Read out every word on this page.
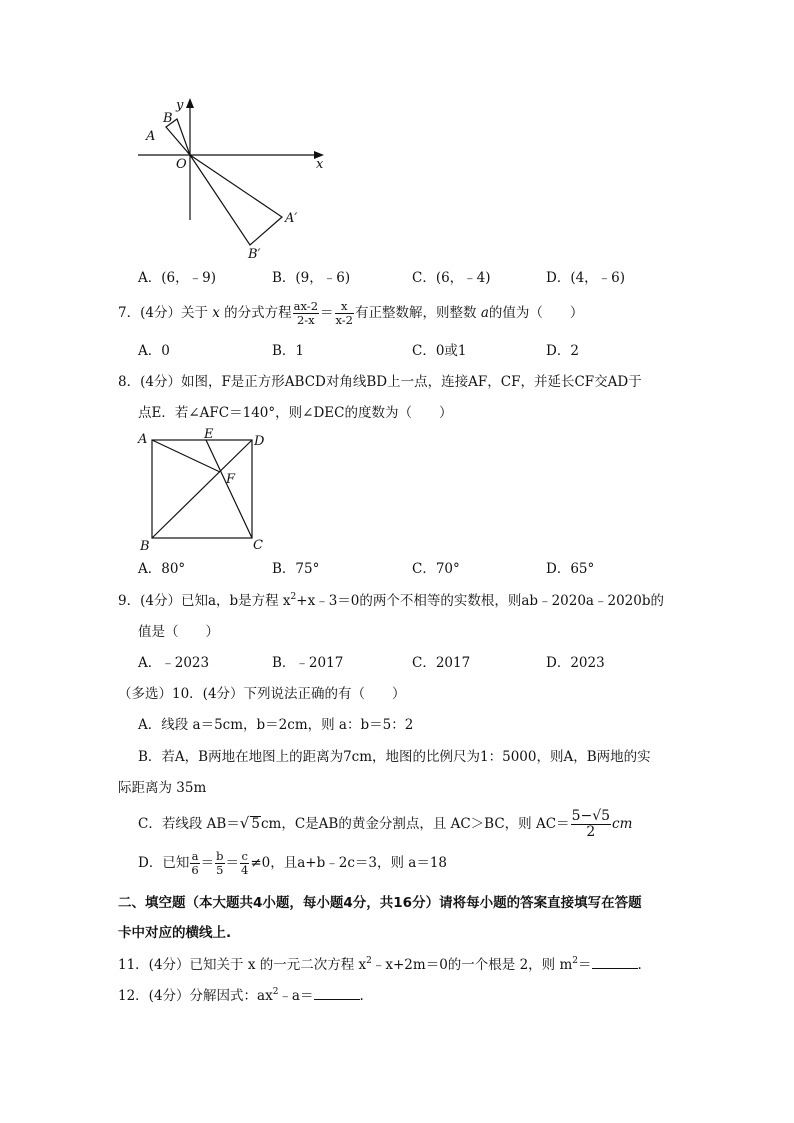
y
x
O
A
B
A′
B′
A．(6，﹣9)	B．(9，﹣6)	C．(6，﹣4)	D．(4，﹣6)
7．(4分）关于 x 的分式方程 $\frac{ax-2}{2-x} = \frac{x}{x-2}$ 有正整数解，则整数 a的值为（　　）
A．0	B．1	C．0或1	D．2
8．(4分）如图，F是正方形ABCD对角线BD上一点，连接AF，CF，并延长CF交AD于
点E．若∠AFC＝140°，则∠DEC的度数为（　　）
A	E	D
F
B	C
A．80°	B．75°	C．70°	D．65°
9．(4分）已知a，b是方程 $x^2+x﹣3=0$的两个不相等的实数根，则ab﹣2020a﹣2020b的
值是（　　）
A．﹣2023	B．﹣2017	C．2017	D．2023
（多选）10．(4分）下列说法正确的有（　　）
A．线段 a＝5cm，b＝2cm，则 a：b＝5：2
B．若A，B两地在地图上的距离为7cm，地图的比例尺为1：5000，则A，B两地的实
际距离为 35m
C．若线段 AB＝√ 5cm，C是AB的黄金分割点，且 AC＞BC，则 $AC= \frac{5-√5}{2}$ cm
D．已知 $\frac{a}{6} = \frac{b}{5} = \frac{c}{4} \ne 0$，且a+b﹣2c＝3，则 a＝18
二、填空题（本大题共4小题，每小题4分，共16分）请将每小题的答案直接填写在答题
卡中对应的横线上.
11．(4分）已知关于 x 的一元二次方程 $x^2﹣x+2m=0$的一个根是 2，则 $m^2=$	.
12．(4分）分解因式：$ax^2﹣a=$	.
